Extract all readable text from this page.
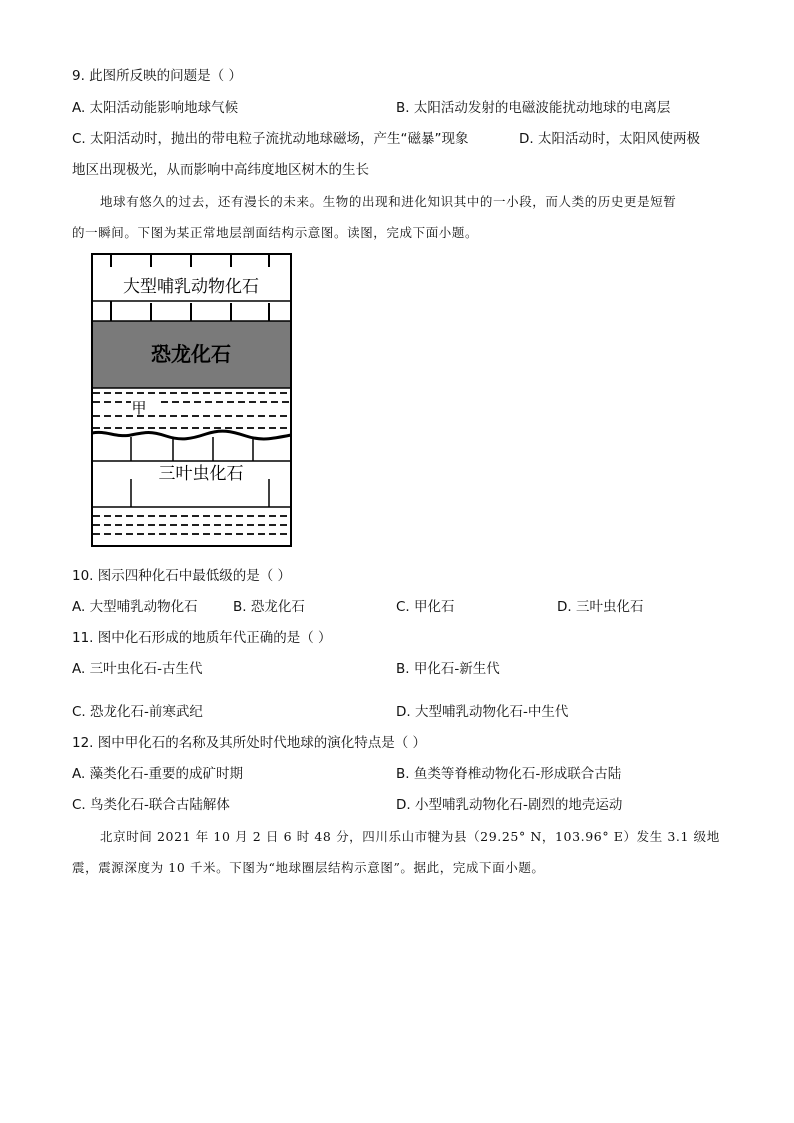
9. 此图所反映的问题是（ ）
A. 太阳活动能影响地球气候	B. 太阳活动发射的电磁波能扰动地球的电离层
C. 太阳活动时，抛出的带电粒子流扰动地球磁场，产生“磁暴”现象	D. 太阳活动时，太阳风使两极
地区出现极光，从而影响中高纬度地区树木的生长
地球有悠久的过去，还有漫长的未来。生物的出现和进化知识其中的一小段，而人类的历史更是短暂
的一瞬间。下图为某正常地层剖面结构示意图。读图，完成下面小题。
大型哺乳动物化石
恐龙化石
甲
三叶虫化石
10. 图示四种化石中最低级的是（ ）
A. 大型哺乳动物化石	B. 恐龙化石	C. 甲化石	D. 三叶虫化石
11. 图中化石形成的地质年代正确的是（ ）
A. 三叶虫化石-古生代	B. 甲化石-新生代
C. 恐龙化石-前寒武纪	D. 大型哺乳动物化石-中生代
12. 图中甲化石的名称及其所处时代地球的演化特点是（ ）
A. 藻类化石-重要的成矿时期	B. 鱼类等脊椎动物化石-形成联合古陆
C. 鸟类化石-联合古陆解体	D. 小型哺乳动物化石-剧烈的地壳运动
北京时间 2021 年 10 月 2 日 6 时 48 分，四川乐山市犍为县（29.25° N，103.96° E）发生 3.1 级地
震，震源深度为 10 千米。下图为“地球圈层结构示意图”。据此，完成下面小题。
